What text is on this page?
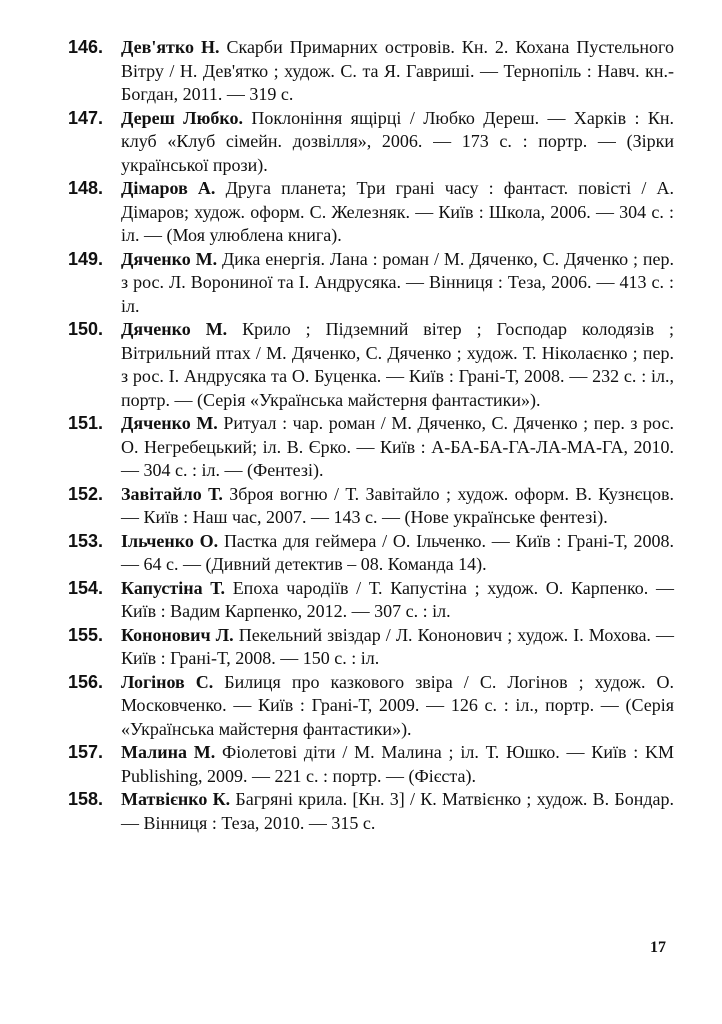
146. Дев'ятко Н. Скарби Примарних островів. Кн. 2. Кохана Пустельного Вітру / Н. Дев'ятко ; худож. С. та Я. Гавриші. — Тернопіль : Навч. кн.-Богдан, 2011. — 319 с.

147. Дереш Любко. Поклоніння ящірці / Любко Дереш. — Харків : Кн. клуб «Клуб сімейн. дозвілля», 2006. — 173 с. : портр. — (Зірки української прози).

148. Дімаров А. Друга планета; Три грані часу : фантаст. повісті / А. Дімаров; худож. оформ. С. Железняк. — Київ : Школа, 2006. — 304 с. : іл. — (Моя улюблена книга).

149. Дяченко М. Дика енергія. Лана : роман / М. Дяченко, С. Дяченко ; пер. з рос. Л. Ворониної та І. Андрусяка. — Вінниця : Теза, 2006. — 413 с. : іл.

150. Дяченко М. Крило ; Підземний вітер ; Господар колодязів ; Вітрильний птах / М. Дяченко, С. Дяченко ; худож. Т. Ніколаєнко ; пер. з рос. І. Андрусяка та О. Буценка. — Київ : Грані-Т, 2008. — 232 с. : іл., портр. — (Серія «Українська майстерня фантастики»).

151. Дяченко М. Ритуал : чар. роман / М. Дяченко, С. Дяченко ; пер. з рос. О. Негребецький; іл. В. Єрко. — Київ : А-БА-БА-ГА-ЛА-МА-ГА, 2010. — 304 с. : іл. — (Фентезі).

152. Завітайло Т. Зброя вогню / Т. Завітайло ; худож. оформ. В. Кузнєцов. — Київ : Наш час, 2007. — 143 с. — (Нове українське фентезі).

153. Ільченко О. Пастка для геймера / О. Ільченко. — Київ : Грані-Т, 2008. — 64 с. — (Дивний детектив – 08. Команда 14).

154. Капустіна Т. Епоха чародіїв / Т. Капустіна ; худож. О. Карпенко. — Київ : Вадим Карпенко, 2012. — 307 с. : іл.

155. Кононович Л. Пекельний звіздар / Л. Кононович ; худож. І. Мохова. — Київ : Грані-Т, 2008. — 150 с. : іл.

156. Логінов С. Билиця про казкового звіра / С. Логінов ; худож. О. Московченко. — Київ : Грані-Т, 2009. — 126 с. : іл., портр. — (Серія «Українська майстерня фантастики»).

157. Малина М. Фіолетові діти / М. Малина ; іл. Т. Юшко. — Київ : KM Publishing, 2009. — 221 с. : портр. — (Фієста).

158. Матвієнко К. Багряні крила. [Кн. 3] / К. Матвієнко ; худож. В. Бондар. — Вінниця : Теза, 2010. — 315 с.

17
